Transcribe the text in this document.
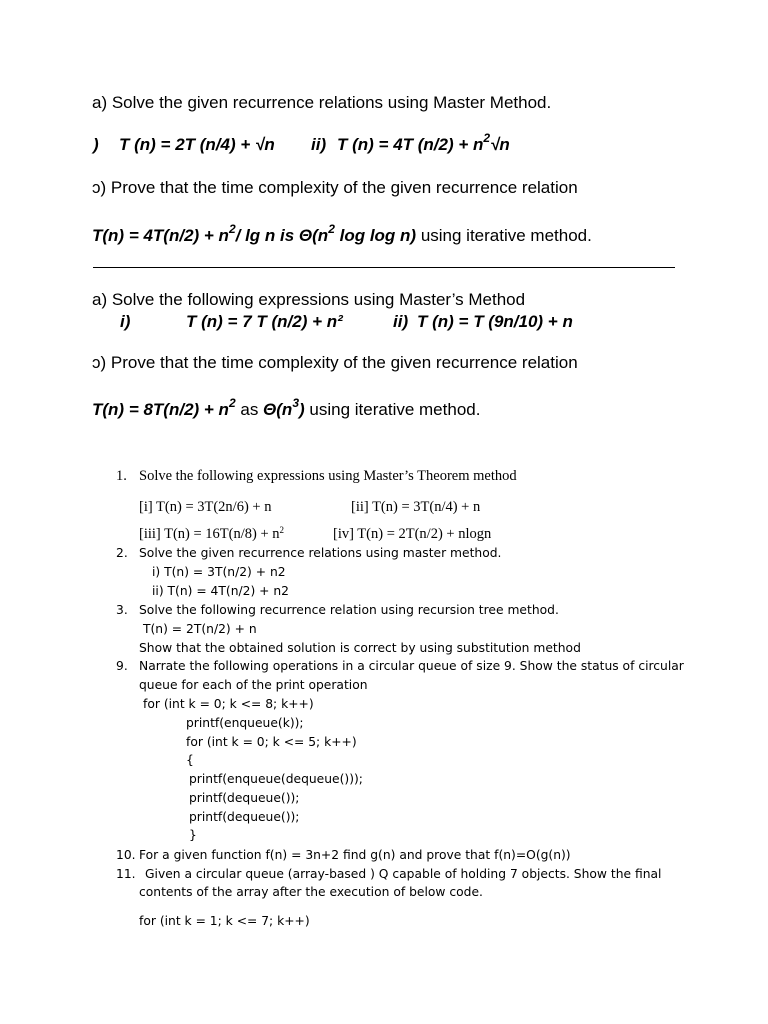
a) Solve the given recurrence relations using Master Method.
) T (n) = 2T (n/4) + √n ii) T (n) = 4T $(n/2) + n^2√n$
ɔ) Prove that the time complexity of the given recurrence relation
$T(n) = 4T(n/2) + n^2/$ lg n is $\Theta(n^2$ log log n) using iterative method.
a) Solve the following expressions using Master’s Method
i)	T (n) = 7 T (n/2) + n²	ii) T (n) = T (9n/10) + n
ɔ) Prove that the time complexity of the given recurrence relation
$T(n) = 8T(n/2) + n^2$ as $\Theta(n^3)$ using iterative method.
1. Solve the following expressions using Master’s Theorem method
[i] T(n) = 3T(2n/6) + n	[ii] T(n) = 3T(n/4) + n
[iii] $T(n) = 16T(n/8) + n^2$	[iv] T(n) = 2T(n/2) + nlogn
2. Solve the given recurrence relations using master method.
i) T(n) = 3T(n/2) + n2
ii) T(n) = 4T(n/2) + n2
3. Solve the following recurrence relation using recursion tree method.
T(n) = 2T(n/2) + n
Show that the obtained solution is correct by using substitution method
9. Narrate the following operations in a circular queue of size 9. Show the status of circular
queue for each of the print operation
for (int k = 0; k <= 8; k++)
printf(enqueue(k));
for (int k = 0; k <= 5; k++)
{
printf(enqueue(dequeue()));
printf(dequeue());
printf(dequeue());
}
10. For a given function f(n) = 3n+2 find g(n) and prove that f(n)=O(g(n))
11. Given a circular queue (array-based ) Q capable of holding 7 objects. Show the final
contents of the array after the execution of below code.
for (int k = 1; k <= 7; k++)
